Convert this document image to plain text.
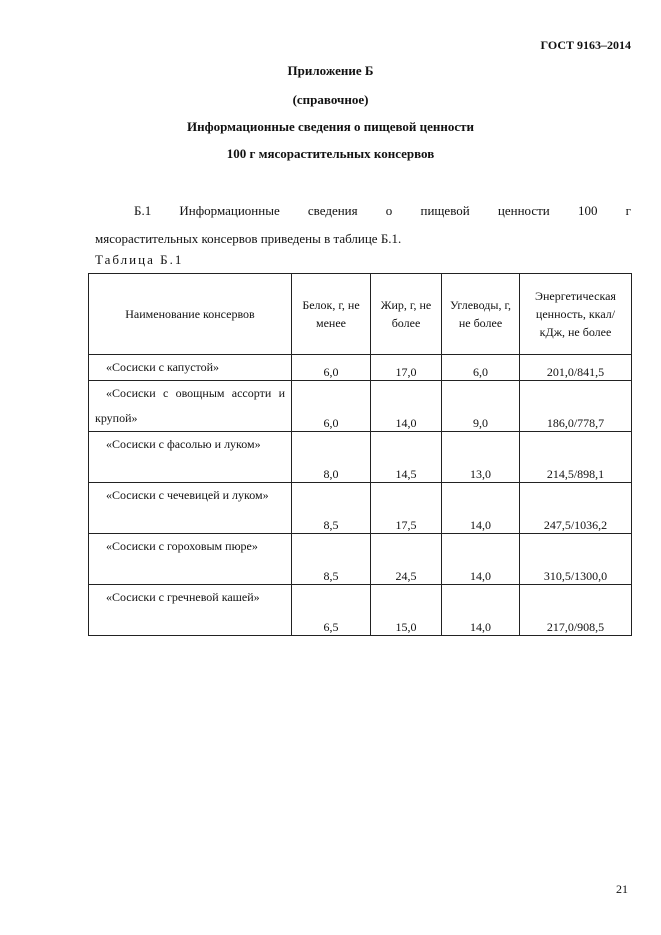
ГОСТ 9163–2014
Приложение Б
(справочное)
Информационные сведения о пищевой ценности
100 г мясорастительных консервов
Б.1 Информационные сведения о пищевой ценности 100 г
мясорастительных консервов приведены в таблице Б.1.
Таблица Б.1
Наименование консервов	Белок, г, не менее	Жир, г, не более	Углеводы, г, не более	Энергетическая ценность, ккал/кДж, не более
«Сосиски с капустой»	6,0	17,0	6,0	201,0/841,5
«Сосиски с овощным ассорти и крупой»	6,0	14,0	9,0	186,0/778,7
«Сосиски с фасолью и луком»	8,0	14,5	13,0	214,5/898,1
«Сосиски с чечевицей и луком»	8,5	17,5	14,0	247,5/1036,2
«Сосиски с гороховым пюре»	8,5	24,5	14,0	310,5/1300,0
«Сосиски с гречневой кашей»	6,5	15,0	14,0	217,0/908,5
21
